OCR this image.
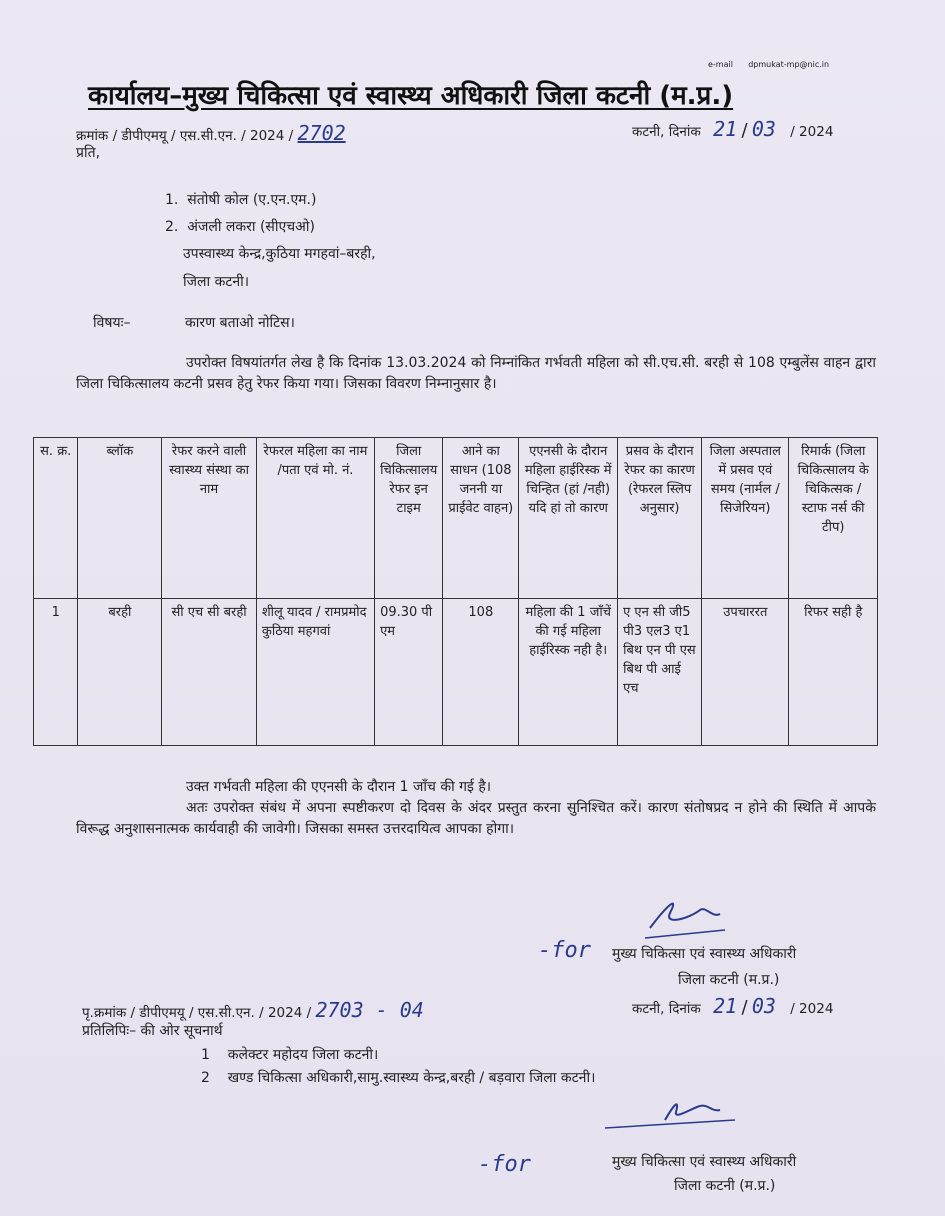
e-mail dpmukat-mp@nic.in
कार्यालय–मुख्य चिकित्सा एवं स्वास्थ्य अधिकारी जिला कटनी (म.प्र.)
क्रमांक / डीपीएमयू / एस.सी.एन. / 2024 / 2702	कटनी, दिनांक 21 / 03 / 2024
प्रति,
1. संतोषी कोल (ए.एन.एम.)
2. अंजली लकरा (सीएचओ)
उपस्वास्थ्य केन्द्र,कुठिया मगहवां–बरही,
जिला कटनी।
विषयः–	कारण बताओ नोटिस।
उपरोक्त विषयांतर्गत लेख है कि दिनांक 13.03.2024 को निम्नांकित गर्भवती महिला को सी.एच.सी. बरही से 108 एम्बुलेंस वाहन द्वारा जिला चिकित्सालय कटनी प्रसव हेतु रेफर किया गया। जिसका विवरण निम्नानुसार है।
स. क्र.	ब्लॉक	रेफर करने वाली स्वास्थ्य संस्था का नाम	रेफरल महिला का नाम /पता एवं मो. नं.	जिला चिकित्सालय रेफर इन टाइम	आने का साधन (108 जननी या प्राईवेट वाहन)	एएनसी के दौरान महिला हाईरिस्क में चिन्हित (हां /नही) यदि हां तो कारण	प्रसव के दौरान रेफर का कारण (रेफरल स्लिप अनुसार)	जिला अस्पताल में प्रसव एवं समय (नार्मल / सिजेरियन)	रिमार्क (जिला चिकित्सालय के चिकित्सक / स्टाफ नर्स की टीप)
1	बरही	सी एच सी बरही	शीलू यादव / रामप्रमोद कुठिया महगवां	09.30 पी एम	108	महिला की 1 जाँचें की गई महिला हाईरिस्क नही है।	ए एन सी जी5 पी3 एल3 ए1 बिथ एन पी एस बिथ पी आई एच	उपचाररत	रिफर सही है
उक्त गर्भवती महिला की एएनसी के दौरान 1 जाँच की गई है।
अतः उपरोक्त संबंध में अपना स्पष्टीकरण दो दिवस के अंदर प्रस्तुत करना सुनिश्चित करें। कारण संतोषप्रद न होने की स्थिति में आपके विरूद्ध अनुशासनात्मक कार्यवाही की जावेगी। जिसका समस्त उत्तरदायित्व आपका होगा।
-for मुख्य चिकित्सा एवं स्वास्थ्य अधिकारी
जिला कटनी (म.प्र.)
पृ.क्रमांक / डीपीएमयू / एस.सी.एन. / 2024 / 2703 - 04	कटनी, दिनांक 21 / 03 / 2024
प्रतिलिपिः– की ओर सूचनार्थ
1 कलेक्टर महोदय जिला कटनी।
2 खण्ड चिकित्सा अधिकारी,सामु.स्वास्थ्य केन्द्र,बरही / बड़वारा जिला कटनी।
-for	मुख्य चिकित्सा एवं स्वास्थ्य अधिकारी
जिला कटनी (म.प्र.)
